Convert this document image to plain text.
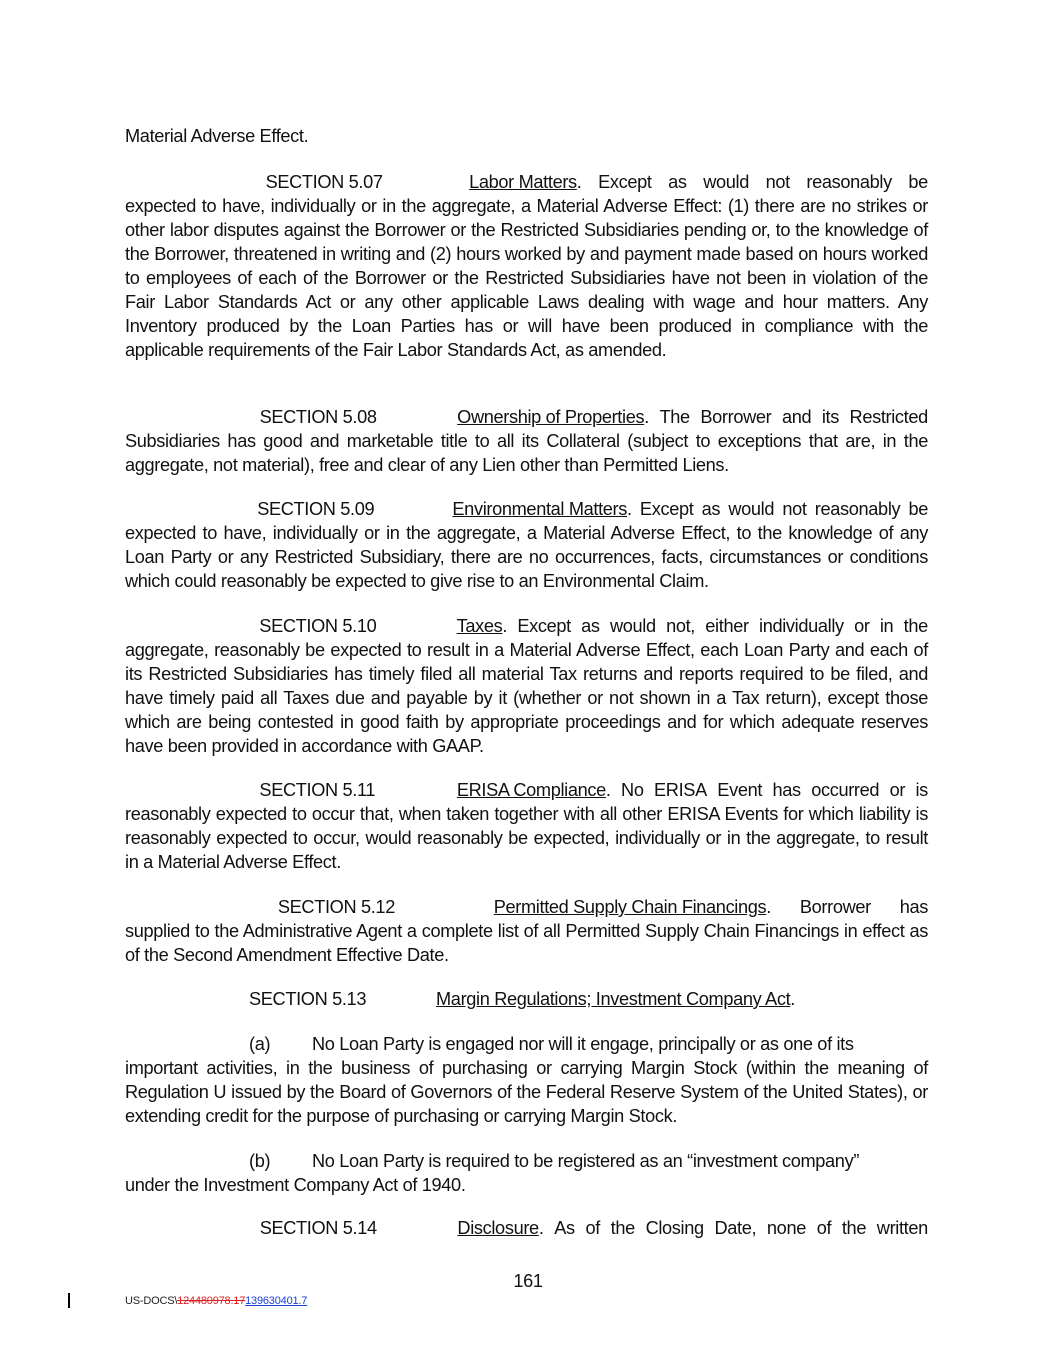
Material Adverse Effect.

SECTION 5.07	Labor Matters. Except as would not reasonably be

expected to have, individually or in the aggregate, a Material Adverse Effect: (1) there are no strikes or other labor disputes against the Borrower or the Restricted Subsidiaries pending or, to the knowledge of the Borrower, threatened in writing and (2) hours worked by and payment made based on hours worked to employees of each of the Borrower or the Restricted Subsidiaries have not been in violation of the Fair Labor Standards Act or any other applicable Laws dealing with wage and hour matters. Any Inventory produced by the Loan Parties has or will have been produced in compliance with the applicable requirements of the Fair Labor Standards Act, as amended.

SECTION 5.08	Ownership of Properties. The Borrower and its Restricted

Subsidiaries has good and marketable title to all its Collateral (subject to exceptions that are, in the aggregate, not material), free and clear of any Lien other than Permitted Liens.

SECTION 5.09	Environmental Matters. Except as would not reasonably be

expected to have, individually or in the aggregate, a Material Adverse Effect, to the knowledge of any Loan Party or any Restricted Subsidiary, there are no occurrences, facts, circumstances or conditions which could reasonably be expected to give rise to an Environmental Claim.

SECTION 5.10	Taxes. Except as would not, either individually or in the

aggregate, reasonably be expected to result in a Material Adverse Effect, each Loan Party and each of its Restricted Subsidiaries has timely filed all material Tax returns and reports required to be filed, and have timely paid all Taxes due and payable by it (whether or not shown in a Tax return), except those which are being contested in good faith by appropriate proceedings and for which adequate reserves have been provided in accordance with GAAP.

SECTION 5.11	ERISA Compliance. No ERISA Event has occurred or is

reasonably expected to occur that, when taken together with all other ERISA Events for which liability is reasonably expected to occur, would reasonably be expected, individually or in the aggregate, to result in a Material Adverse Effect.

SECTION 5.12	Permitted Supply Chain Financings. Borrower has

supplied to the Administrative Agent a complete list of all Permitted Supply Chain Financings in effect as of the Second Amendment Effective Date.

SECTION 5.13	Margin Regulations; Investment Company Act.
(a) No Loan Party is engaged nor will it engage, principally or as one of its

important activities, in the business of purchasing or carrying Margin Stock (within the meaning of Regulation U issued by the Board of Governors of the Federal Reserve System of the United States), or extending credit for the purpose of purchasing or carrying Margin Stock.

(b) No Loan Party is required to be registered as an “investment company”

under the Investment Company Act of 1940.

SECTION 5.14	Disclosure. As of the Closing Date, none of the written
161
US-DOCS\124480978.17139630401.7
